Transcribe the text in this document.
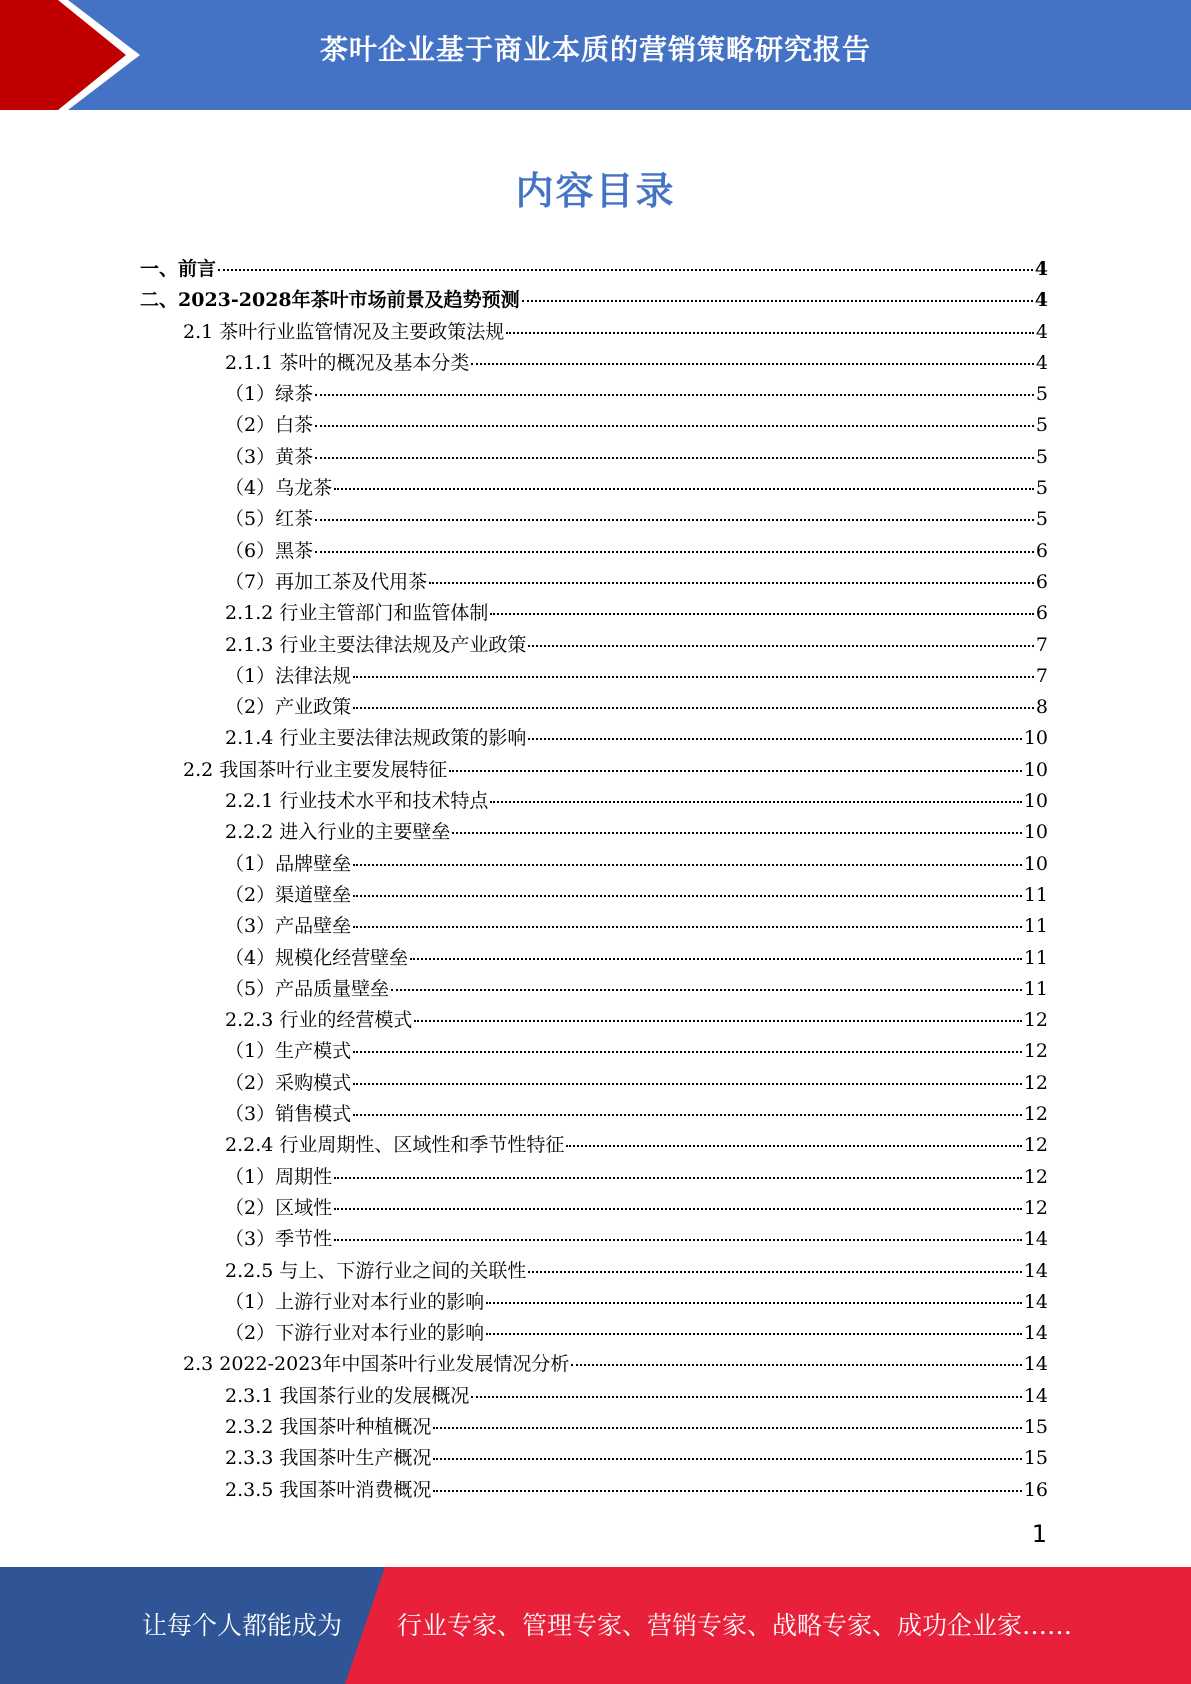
茶叶企业基于商业本质的营销策略研究报告
内容目录
一、前言	4
二、2023-2028年茶叶市场前景及趋势预测	4
2.1 茶叶行业监管情况及主要政策法规	4
2.1.1 茶叶的概况及基本分类	4
（1）绿茶	5
（2）白茶	5
（3）黄茶	5
（4）乌龙茶	5
（5）红茶	5
（6）黑茶	6
（7）再加工茶及代用茶	6
2.1.2 行业主管部门和监管体制	6
2.1.3 行业主要法律法规及产业政策	7
（1）法律法规	7
（2）产业政策	8
2.1.4 行业主要法律法规政策的影响	10
2.2 我国茶叶行业主要发展特征	10
2.2.1 行业技术水平和技术特点	10
2.2.2 进入行业的主要壁垒	10
（1）品牌壁垒	10
（2）渠道壁垒	11
（3）产品壁垒	11
（4）规模化经营壁垒	11
（5）产品质量壁垒	11
2.2.3 行业的经营模式	12
（1）生产模式	12
（2）采购模式	12
（3）销售模式	12
2.2.4 行业周期性、区域性和季节性特征	12
（1）周期性	12
（2）区域性	12
（3）季节性	14
2.2.5 与上、下游行业之间的关联性	14
（1）上游行业对本行业的影响	14
（2）下游行业对本行业的影响	14
2.3 2022-2023年中国茶叶行业发展情况分析	14
2.3.1 我国茶行业的发展概况	14
2.3.2 我国茶叶种植概况	15
2.3.3 我国茶叶生产概况	15
2.3.5 我国茶叶消费概况	16
1
让每个人都能成为 行业专家、管理专家、营销专家、战略专家、成功企业家……
